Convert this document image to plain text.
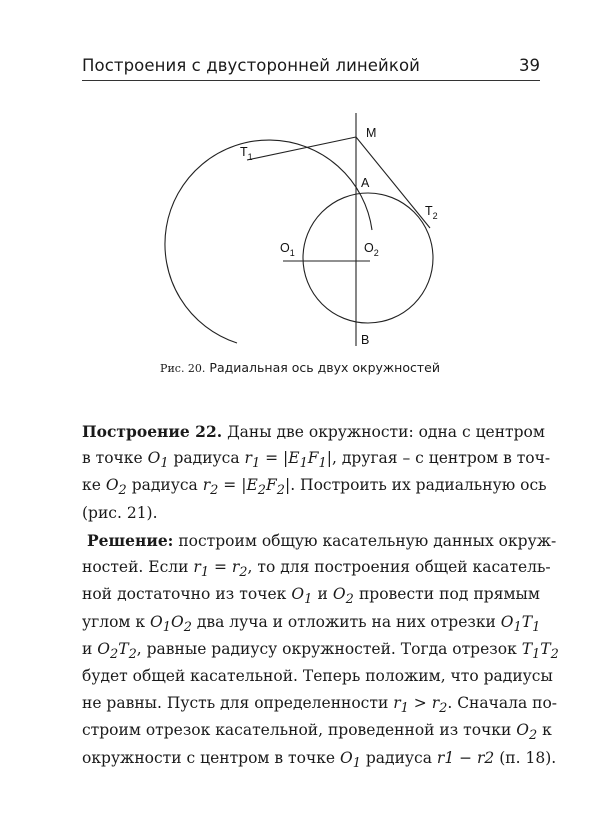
Построения с двусторонней линейкой	39
M
A
B
$T_1$
$T_2$
$O_1$	$O_2$
Рис. 20. Радиальная ось двух окружностей
Построение 22. Даны две окружности: одна с центром
в точке $O_1$ радиуса $r_1 = |E_1F_1|$, другая – с центром в точ-
ке $O_2$ радиуса $r_2 = |E_2F_2|$. Построить их радиальную ось
(рис. 21).
Решение: построим общую касательную данных окруж-
ностей. Если $r_1 = r_2$, то для построения общей касатель-
ной достаточно из точек $O_1$ и $O_2$ провести под прямым
углом к $O_1O_2$ два луча и отложить на них отрезки $O_1T_1$
и $O_2T_2$, равные радиусу окружностей. Тогда отрезок $T_1T_2$
будет общей касательной. Теперь положим, что радиусы
не равны. Пусть для определенности $r_1 > r_2$. Сначала по-
строим отрезок касательной, проведенной из точки $O_2$ к
окружности с центром в точке $O_1$ радиуса r1 − r2 (п. 18).
